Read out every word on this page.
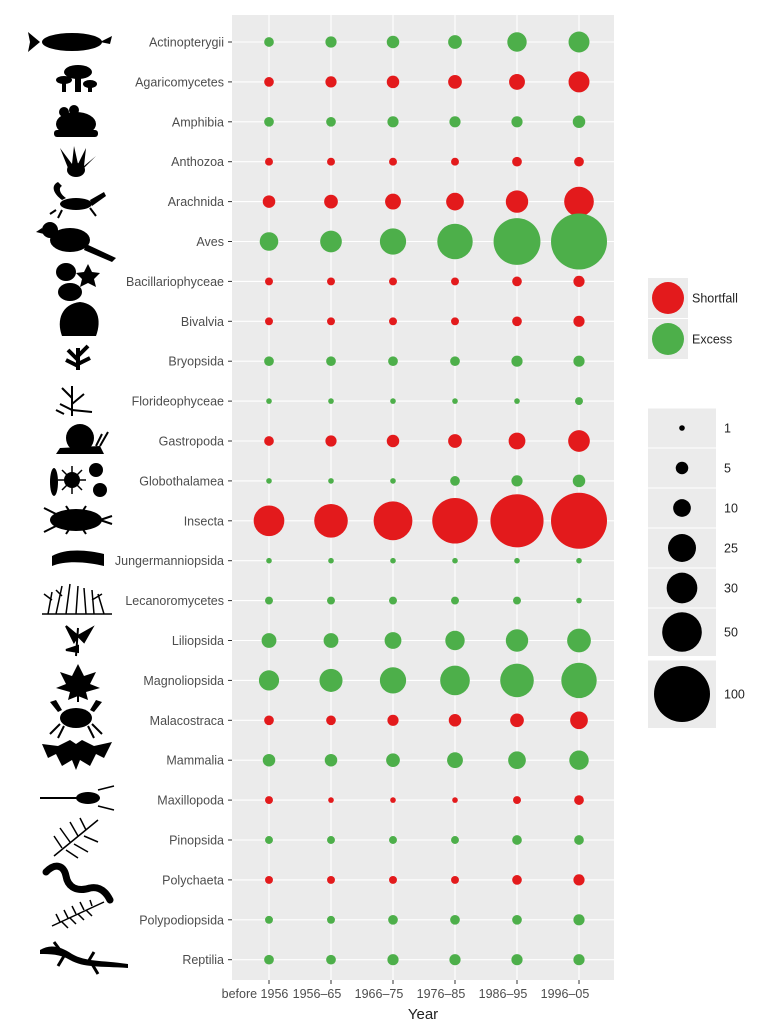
Actinopterygii
Agaricomycetes
Amphibia
Anthozoa
Arachnida
Aves
Bacillariophyceae
Bivalvia
Bryopsida
Florideophyceae
Gastropoda
Globothalamea
Insecta
Jungermanniopsida
Lecanoromycetes
Liliopsida
Magnoliopsida
Malacostraca
Mammalia
Maxillopoda
Pinopsida
Polychaeta
Polypodiopsida
Reptilia
before 1956 1956–65 1966–75 1976–85 1986–95 1996–05
Year
Shortfall
Excess
1
5
10
25
30
50
100
